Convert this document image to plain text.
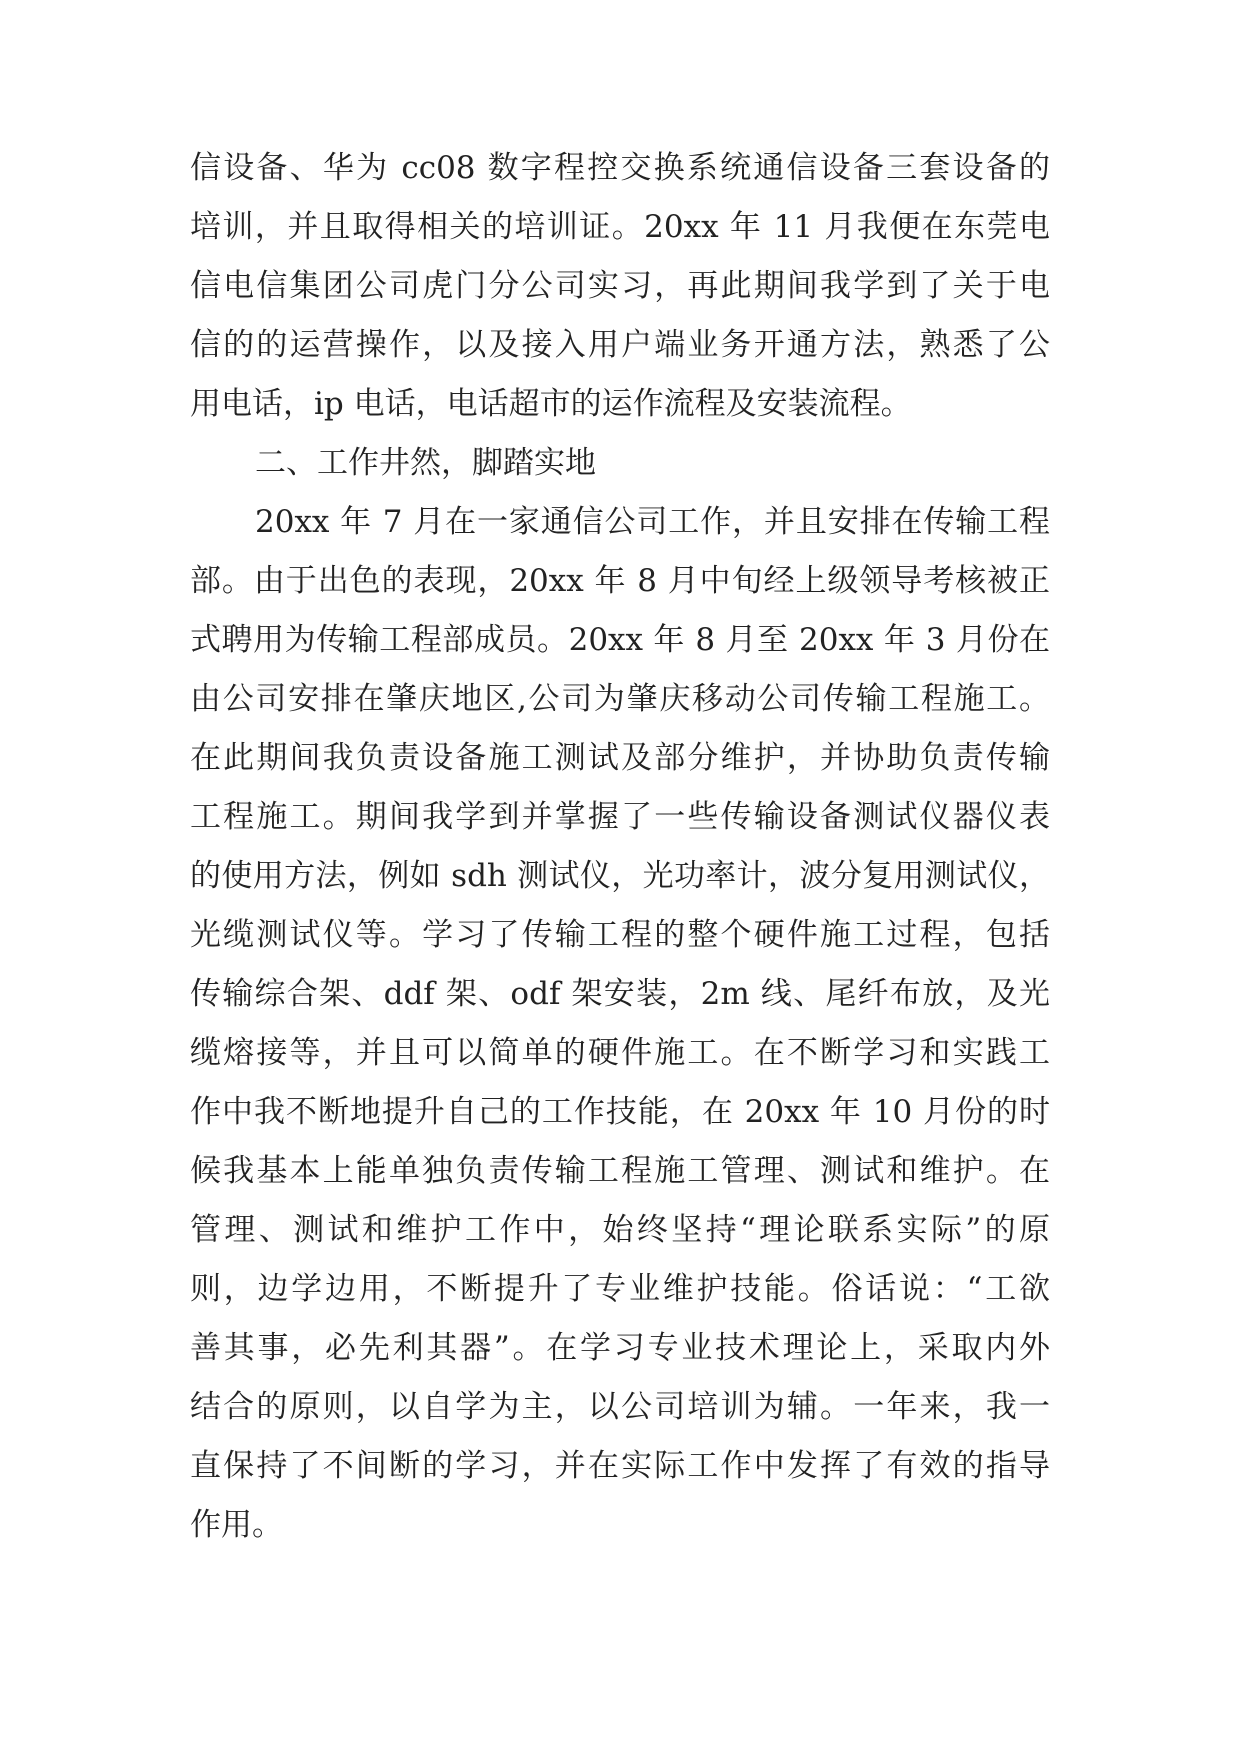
信设备、华为 cc08 数字程控交换系统通信设备三套设备的
培训，并且取得相关的培训证。20xx 年 11 月我便在东莞电
信电信集团公司虎门分公司实习，再此期间我学到了关于电
信的的运营操作，以及接入用户端业务开通方法，熟悉了公
用电话，ip 电话，电话超市的运作流程及安装流程。
二、工作井然，脚踏实地
20xx 年 7 月在一家通信公司工作，并且安排在传输工程
部。由于出色的表现，20xx 年 8 月中旬经上级领导考核被正
式聘用为传输工程部成员。20xx 年 8 月至 20xx 年 3 月份在
由公司安排在肇庆地区,公司为肇庆移动公司传输工程施工。
在此期间我负责设备施工测试及部分维护，并协助负责传输
工程施工。期间我学到并掌握了一些传输设备测试仪器仪表
的使用方法，例如 sdh 测试仪，光功率计，波分复用测试仪，
光缆测试仪等。学习了传输工程的整个硬件施工过程，包括
传输综合架、ddf 架、odf 架安装，2m 线、尾纤布放，及光
缆熔接等，并且可以简单的硬件施工。在不断学习和实践工
作中我不断地提升自己的工作技能，在 20xx 年 10 月份的时
候我基本上能单独负责传输工程施工管理、测试和维护。在
管理、测试和维护工作中，始终坚持“理论联系实际”的原
则，边学边用，不断提升了专业维护技能。俗话说：“工欲
善其事，必先利其器”。在学习专业技术理论上，采取内外
结合的原则，以自学为主，以公司培训为辅。一年来，我一
直保持了不间断的学习，并在实际工作中发挥了有效的指导
作用。
